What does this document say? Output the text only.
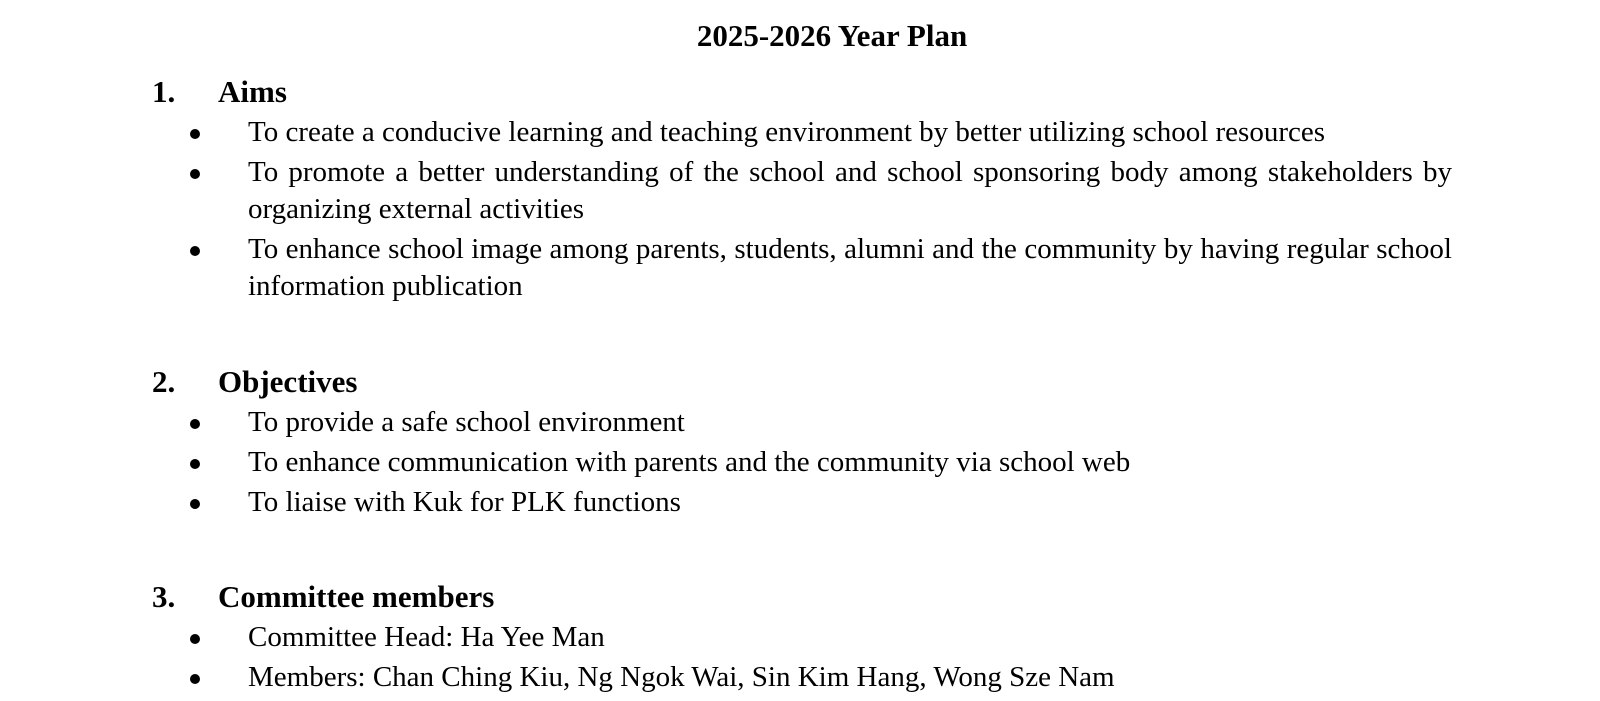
2025-2026 Year Plan
1. Aims
To create a conducive learning and teaching environment by better utilizing school resources
To promote a better understanding of the school and school sponsoring body among stakeholders by organizing external activities
To enhance school image among parents, students, alumni and the community by having regular school information publication
2. Objectives
To provide a safe school environment
To enhance communication with parents and the community via school web
To liaise with Kuk for PLK functions
3. Committee members
Committee Head: Ha Yee Man
Members: Chan Ching Kiu, Ng Ngok Wai, Sin Kim Hang, Wong Sze Nam
